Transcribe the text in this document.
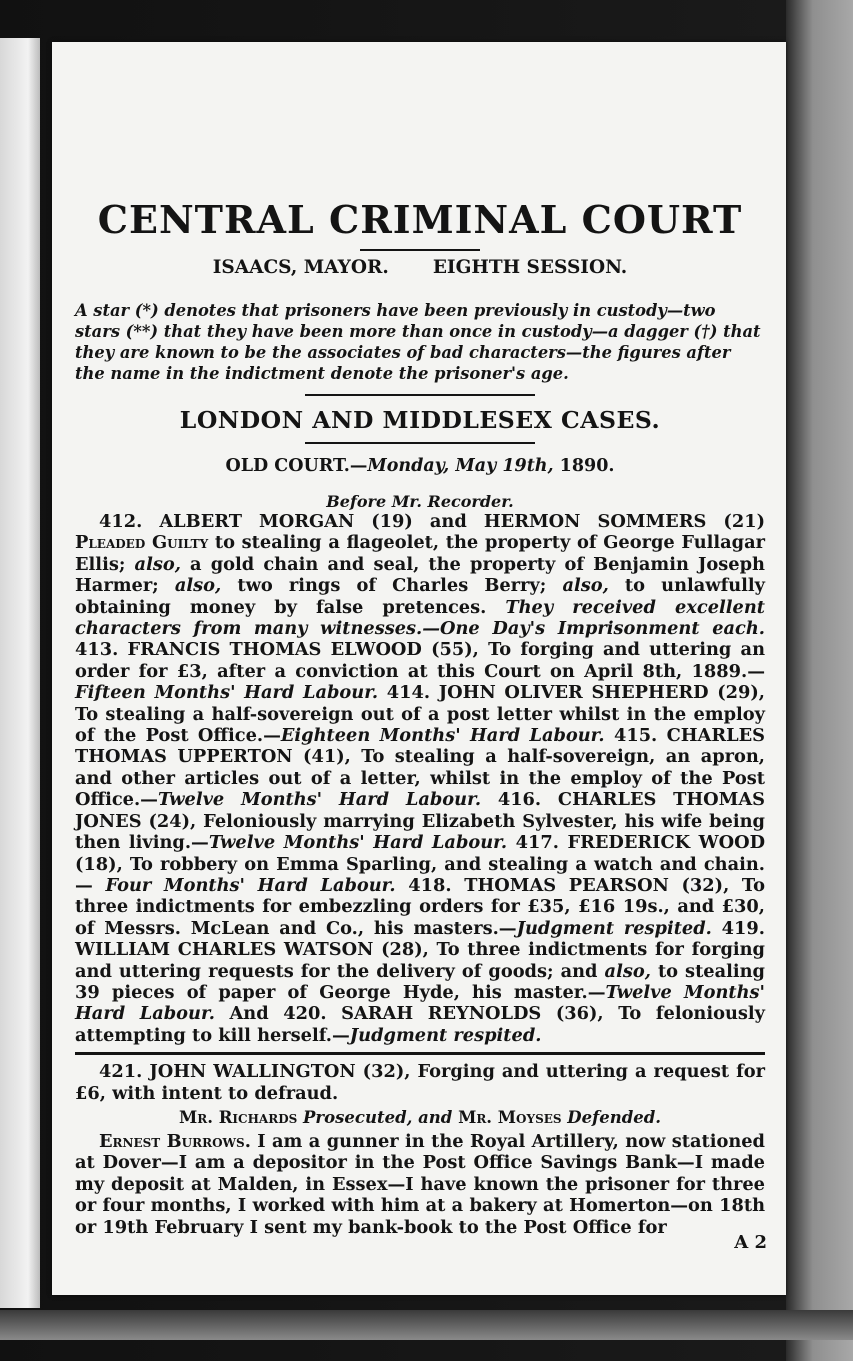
CENTRAL CRIMINAL COURT
ISAACS, MAYOR. EIGHTH SESSION.

A star (*) denotes that prisoners have been previously in custody—two stars (**) that they have been more than once in custody—a dagger (†) that they are known to be the associates of bad characters—the figures after the name in the indictment denote the prisoner's age.

LONDON AND MIDDLESEX CASES.
OLD COURT.—Monday, May 19th, 1890.
Before Mr. Recorder.

412. ALBERT MORGAN (19) and HERMON SOMMERS (21) Pleaded Guilty to stealing a flageolet, the property of George Fullagar Ellis; also, a gold chain and seal, the property of Benjamin Joseph Harmer; also, two rings of Charles Berry; also, to unlawfully obtaining money by false pretences. They received excellent characters from many witnesses.—One Day's Imprisonment each. 413. FRANCIS THOMAS ELWOOD (55), To forging and uttering an order for £3, after a conviction at this Court on April 8th, 1889.—Fifteen Months' Hard Labour. 414. JOHN OLIVER SHEPHERD (29), To stealing a half-sovereign out of a post letter whilst in the employ of the Post Office.—Eighteen Months' Hard Labour. 415. CHARLES THOMAS UPPERTON (41), To stealing a half-sovereign, an apron, and other articles out of a letter, whilst in the employ of the Post Office.—Twelve Months' Hard Labour. 416. CHARLES THOMAS JONES (24), Feloniously marrying Elizabeth Sylvester, his wife being then living.—Twelve Months' Hard Labour. 417. FREDERICK WOOD (18), To robbery on Emma Sparling, and stealing a watch and chain. — Four Months' Hard Labour. 418. THOMAS PEARSON (32), To three indictments for embezzling orders for £35, £16 19s., and £30, of Messrs. McLean and Co., his masters.—Judgment respited. 419. WILLIAM CHARLES WATSON (28), To three indictments for forging and uttering requests for the delivery of goods; and also, to stealing 39 pieces of paper of George Hyde, his master.—Twelve Months' Hard Labour. And 420. SARAH REYNOLDS (36), To feloniously attempting to kill herself.—Judgment respited.

421. JOHN WALLINGTON (32), Forging and uttering a request for £6, with intent to defraud.

Mr. Richards Prosecuted, and Mr. Moyses Defended.

Ernest Burrows. I am a gunner in the Royal Artillery, now stationed at Dover—I am a depositor in the Post Office Savings Bank—I made my deposit at Malden, in Essex—I have known the prisoner for three or four months, I worked with him at a bakery at Homerton—on 18th or 19th February I sent my bank-book to the Post Office for

A 2
